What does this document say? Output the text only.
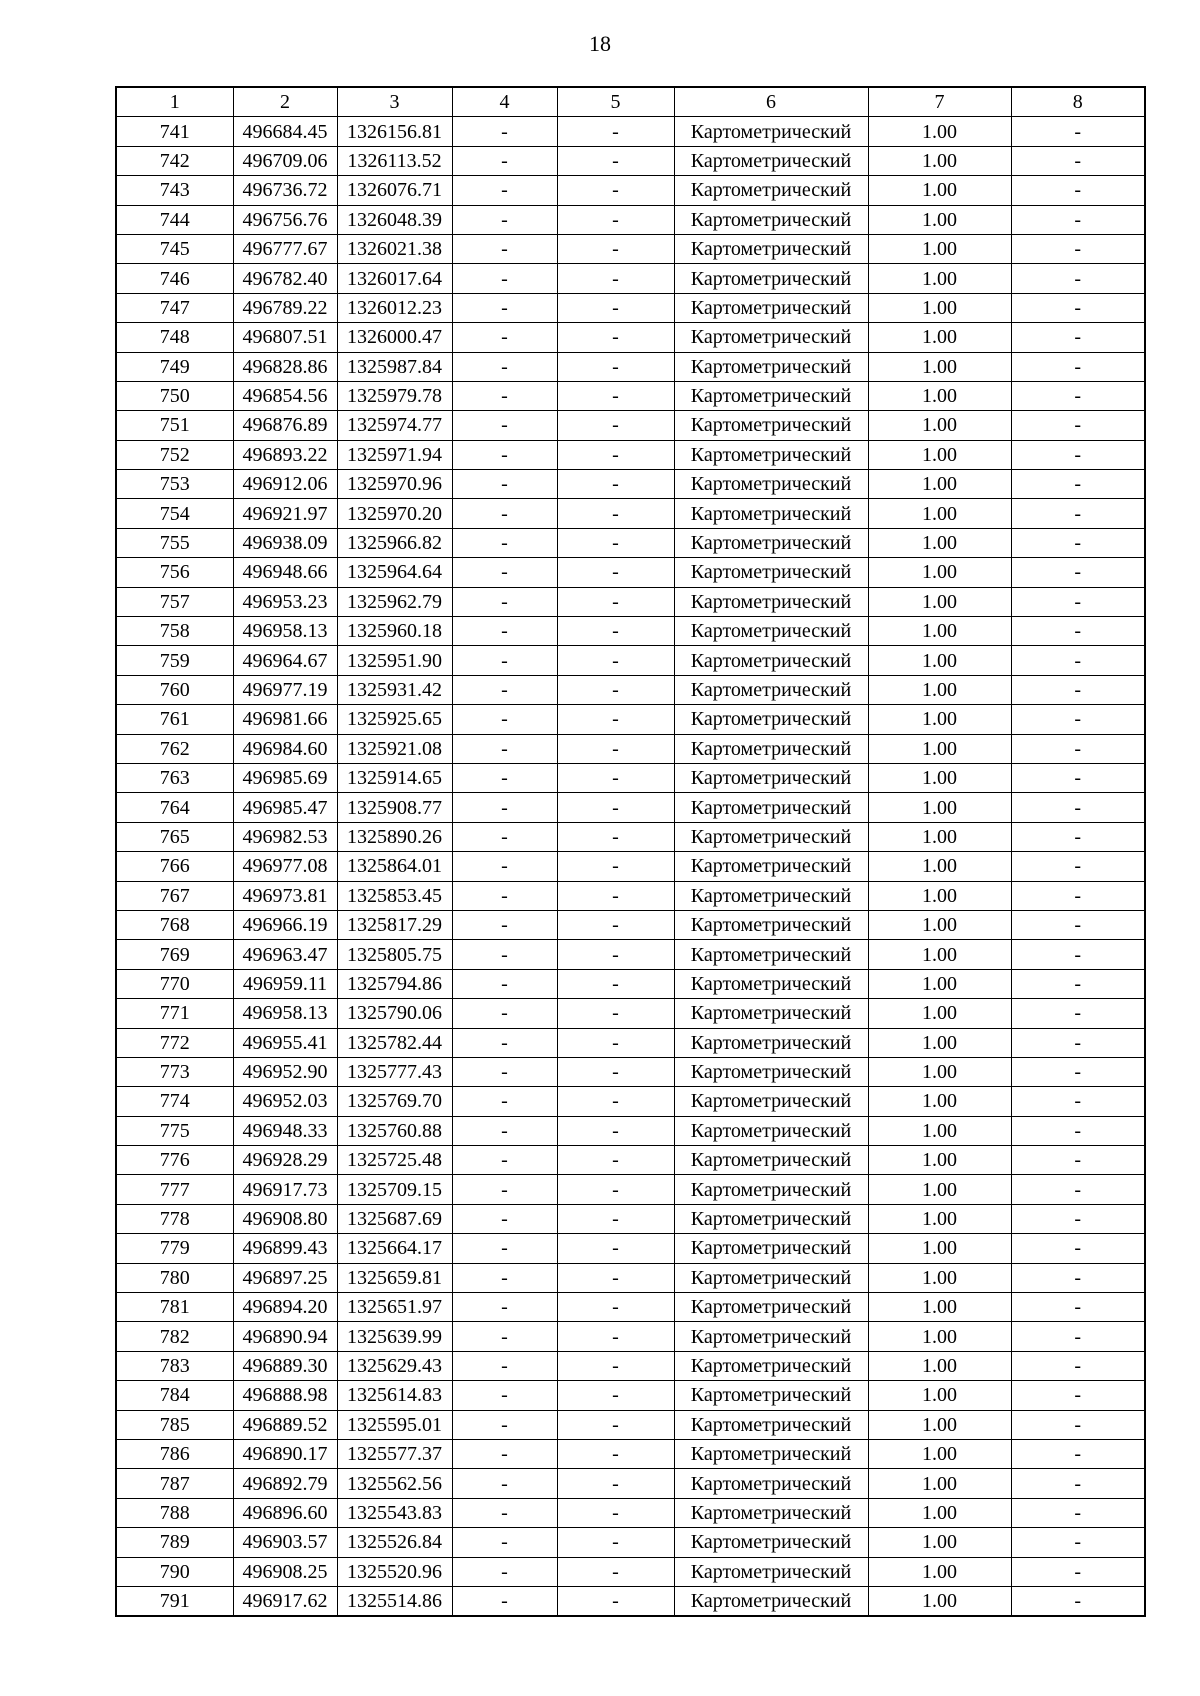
18
1	2	3	4	5	6	7	8
741	496684.45	1326156.81	-	-	Картометрический	1.00	-
742	496709.06	1326113.52	-	-	Картометрический	1.00	-
743	496736.72	1326076.71	-	-	Картометрический	1.00	-
744	496756.76	1326048.39	-	-	Картометрический	1.00	-
745	496777.67	1326021.38	-	-	Картометрический	1.00	-
746	496782.40	1326017.64	-	-	Картометрический	1.00	-
747	496789.22	1326012.23	-	-	Картометрический	1.00	-
748	496807.51	1326000.47	-	-	Картометрический	1.00	-
749	496828.86	1325987.84	-	-	Картометрический	1.00	-
750	496854.56	1325979.78	-	-	Картометрический	1.00	-
751	496876.89	1325974.77	-	-	Картометрический	1.00	-
752	496893.22	1325971.94	-	-	Картометрический	1.00	-
753	496912.06	1325970.96	-	-	Картометрический	1.00	-
754	496921.97	1325970.20	-	-	Картометрический	1.00	-
755	496938.09	1325966.82	-	-	Картометрический	1.00	-
756	496948.66	1325964.64	-	-	Картометрический	1.00	-
757	496953.23	1325962.79	-	-	Картометрический	1.00	-
758	496958.13	1325960.18	-	-	Картометрический	1.00	-
759	496964.67	1325951.90	-	-	Картометрический	1.00	-
760	496977.19	1325931.42	-	-	Картометрический	1.00	-
761	496981.66	1325925.65	-	-	Картометрический	1.00	-
762	496984.60	1325921.08	-	-	Картометрический	1.00	-
763	496985.69	1325914.65	-	-	Картометрический	1.00	-
764	496985.47	1325908.77	-	-	Картометрический	1.00	-
765	496982.53	1325890.26	-	-	Картометрический	1.00	-
766	496977.08	1325864.01	-	-	Картометрический	1.00	-
767	496973.81	1325853.45	-	-	Картометрический	1.00	-
768	496966.19	1325817.29	-	-	Картометрический	1.00	-
769	496963.47	1325805.75	-	-	Картометрический	1.00	-
770	496959.11	1325794.86	-	-	Картометрический	1.00	-
771	496958.13	1325790.06	-	-	Картометрический	1.00	-
772	496955.41	1325782.44	-	-	Картометрический	1.00	-
773	496952.90	1325777.43	-	-	Картометрический	1.00	-
774	496952.03	1325769.70	-	-	Картометрический	1.00	-
775	496948.33	1325760.88	-	-	Картометрический	1.00	-
776	496928.29	1325725.48	-	-	Картометрический	1.00	-
777	496917.73	1325709.15	-	-	Картометрический	1.00	-
778	496908.80	1325687.69	-	-	Картометрический	1.00	-
779	496899.43	1325664.17	-	-	Картометрический	1.00	-
780	496897.25	1325659.81	-	-	Картометрический	1.00	-
781	496894.20	1325651.97	-	-	Картометрический	1.00	-
782	496890.94	1325639.99	-	-	Картометрический	1.00	-
783	496889.30	1325629.43	-	-	Картометрический	1.00	-
784	496888.98	1325614.83	-	-	Картометрический	1.00	-
785	496889.52	1325595.01	-	-	Картометрический	1.00	-
786	496890.17	1325577.37	-	-	Картометрический	1.00	-
787	496892.79	1325562.56	-	-	Картометрический	1.00	-
788	496896.60	1325543.83	-	-	Картометрический	1.00	-
789	496903.57	1325526.84	-	-	Картометрический	1.00	-
790	496908.25	1325520.96	-	-	Картометрический	1.00	-
791	496917.62	1325514.86	-	-	Картометрический	1.00	-
